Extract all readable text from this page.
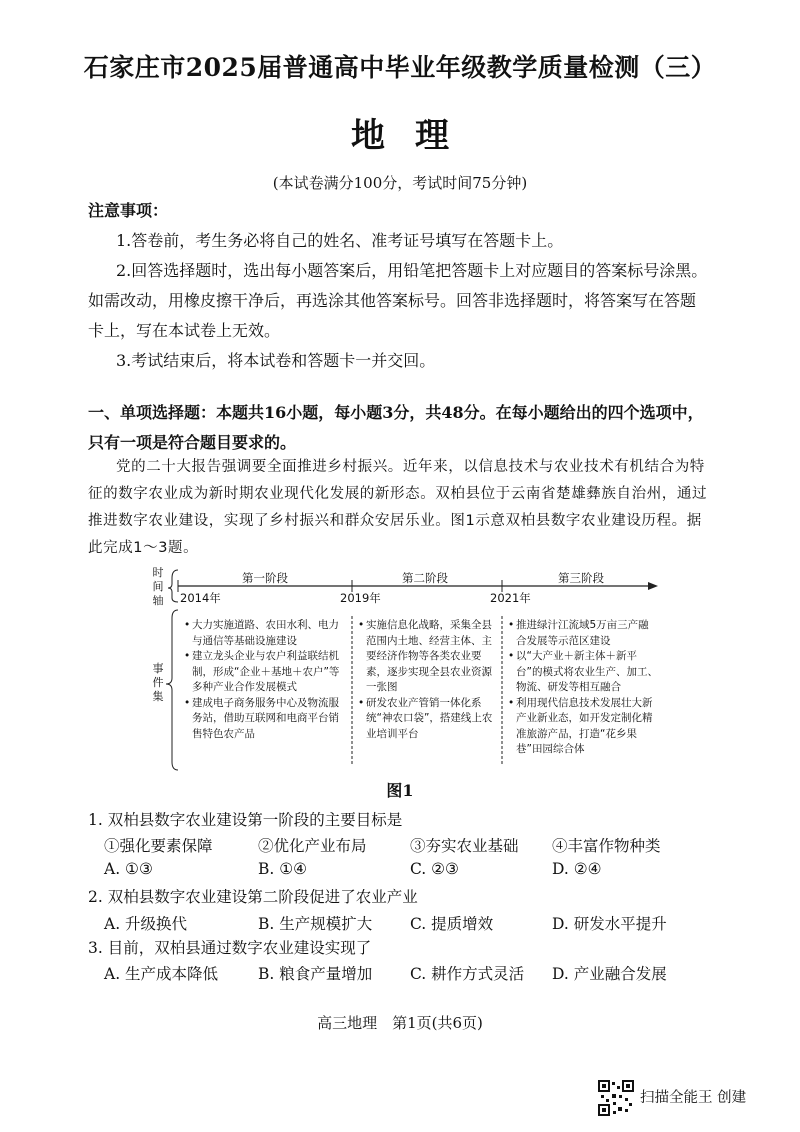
石家庄市2025届普通高中毕业年级教学质量检测（三）
地理
(本试卷满分100分，考试时间75分钟)
注意事项：
1.答卷前，考生务必将自己的姓名、准考证号填写在答题卡上。
2.回答选择题时，选出每小题答案后，用铅笔把答题卡上对应题目的答案标号涂黑。如需改动，用橡皮擦干净后，再选涂其他答案标号。回答非选择题时，将答案写在答题卡上，写在本试卷上无效。
3.考试结束后，将本试卷和答题卡一并交回。
一、单项选择题：本题共16小题，每小题3分，共48分。在每小题给出的四个选项中，只有一项是符合题目要求的。
党的二十大报告强调要全面推进乡村振兴。近年来，以信息技术与农业技术有机结合为特征的数字农业成为新时期农业现代化发展的新形态。双柏县位于云南省楚雄彝族自治州，通过推进数字农业建设，实现了乡村振兴和群众安居乐业。图1示意双柏县数字农业建设历程。据此完成1～3题。
时间轴
事件集
第一阶段	第二阶段	第三阶段
2014年	2019年	2021年
• 大力实施道路、农田水利、电力与通信等基础设施建设
• 建立龙头企业与农户利益联结机制，形成“企业＋基地＋农户”等多种产业合作发展模式
• 建成电子商务服务中心及物流服务站，借助互联网和电商平台销售特色农产品
• 实施信息化战略，采集全县范围内土地、经营主体、主要经济作物等各类农业要素，逐步实现全县农业资源一张图
• 研发农业产管销一体化系统“神农口袋”，搭建线上农业培训平台
• 推进绿汁江流域5万亩三产融合发展等示范区建设
• 以“大产业＋新主体＋新平台”的模式将农业生产、加工、物流、研发等相互融合
• 利用现代信息技术发展壮大新产业新业态，如开发定制化精准旅游产品，打造“花乡果巷”田园综合体
图1
1. 双柏县数字农业建设第一阶段的主要目标是
①强化要素保障	②优化产业布局	③夯实农业基础 ④丰富作物种类
A. ①③	B. ①④	C. ②③	D. ②④
2. 双柏县数字农业建设第二阶段促进了农业产业
A. 升级换代	B. 生产规模扩大 C. 提质增效	D. 研发水平提升
3. 目前，双柏县通过数字农业建设实现了
A. 生产成本降低	B. 粮食产量增加 C. 耕作方式灵活 D. 产业融合发展
高三地理　第1页(共6页)
扫描全能王 创建
